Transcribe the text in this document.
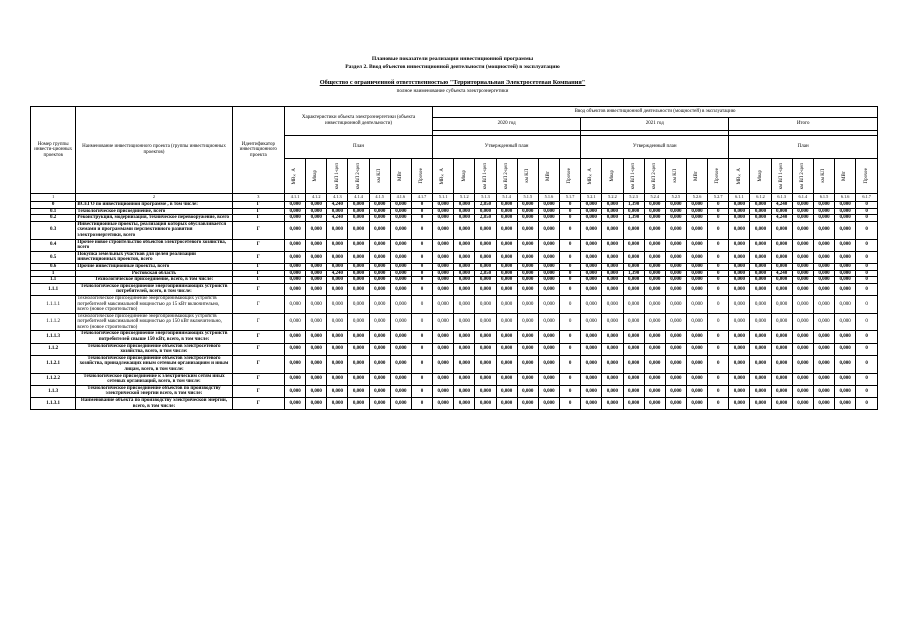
Плановые показатели реализации инвестиционной программы
Раздел 2. Ввод объектов инвестиционной деятельности (мощностей) в эксплуатацию
Общество с ограниченной ответственностью "Территориальная Электросетевая Компания"
полное наименование субъекта электроэнергетики
Номер группы инвести-ционных проектов	Наименование инвестиционного проекта (группы инвестиционных проектов)	Идентификатор инвестиционного проекта	Характеристики объекта электроэнергетики (объекта инвестиционной деятельности)							Ввод объектов инвестиционной деятельности (мощностей) в эксплуатацию																				
										2020 год							2021 год							Итого						

			План							Утвержденный план							Утвержденный план							План						

			МВ×А	Мвар	км ВЛ 1-цеп	км ВЛ 2-цеп	км КЛ	МВт	Прочее	МВ×А	Мвар	км ВЛ 1-цеп	км ВЛ 2-цеп	км КЛ	МВт	Прочее	МВ×А	Мвар	км ВЛ 1-цеп	км ВЛ 2-цеп	км КЛ	МВт	Прочее	МВ×А	Мвар	км ВЛ 1-цеп	км ВЛ 2-цеп	км КЛ	МВт	Прочее

1	2	3	4.1.1	4.1.2	4.1.3	4.1.4	4.1.5	4.1.6	4.1.7	5.1.1	5.1.2	5.1.3	5.1.4	5.1.5	5.1.6	5.1.7	5.2.1	5.2.2	5.2.3	5.2.4	5.2.5	5.2.6	5.2.7	6.1.1	6.1.2	6.1.3	6.1.4	6.1.5	6.1.6	6.1.7
0	ВСЕГО по инвестиционной программе , в том числе:	Г	0,000	0,000	4,240	0,000	0,000	0,000	0	0,000	0,000	2,850	0,000	0,000	0,000	0	0,000	0,000	1,390	0,000	0,000	0,000	0	0,000	0,000	4,240	0,000	0,000	0,000	0
0.1	Технологическое присоединение, всего	Г	0,000	0,000	0,000	0,000	0,000	0,000	0	0,000	0,000	0,000	0,000	0,000	0,000	0	0,000	0,000	0,000	0,000	0,000	0,000	0	0,000	0,000	0,000	0,000	0,000	0,000	0
0.2	Реконструкция, модернизация, техническое перевооружение, всего	Г	0,000	0,000	4,240	0,000	0,000	0,000	0	0,000	0,000	2,850	0,000	0,000	0,000	0	0,000	0,000	1,390	0,000	0,000	0,000	0	0,000	0,000	4,240	0,000	0,000	0,000	0
0.3	Инвестиционные проекты, реализация которых обуславливается схемами и программами перспективного развития электроэнергетики, всего	Г	0,000	0,000	0,000	0,000	0,000	0,000	0	0,000	0,000	0,000	0,000	0,000	0,000	0	0,000	0,000	0,000	0,000	0,000	0,000	0	0,000	0,000	0,000	0,000	0,000	0,000	0
0.4	Прочее новое строительство объектов электросетевого хозяйства, всего	Г	0,000	0,000	0,000	0,000	0,000	0,000	0	0,000	0,000	0,000	0,000	0,000	0,000	0	0,000	0,000	0,000	0,000	0,000	0,000	0	0,000	0,000	0,000	0,000	0,000	0,000	0
0.5	Покупка земельных участков для целей реализации инвестиционных проектов, всего	Г	0,000	0,000	0,000	0,000	0,000	0,000	0	0,000	0,000	0,000	0,000	0,000	0,000	0	0,000	0,000	0,000	0,000	0,000	0,000	0	0,000	0,000	0,000	0,000	0,000	0,000	0
0.6	Прочие инвестиционные проекты, всего	Г	0,000	0,000	0,000	0,000	0,000	0,000	0	0,000	0,000	0,000	0,000	0,000	0,000	0	0,000	0,000	0,000	0,000	0,000	0,000	0	0,000	0,000	0,000	0,000	0,000	0,000	0
1	Ростовская область	Г	0,000	0,000	4,240	0,000	0,000	0,000	0	0,000	0,000	2,850	0,000	0,000	0,000	0	0,000	0,000	1,390	0,000	0,000	0,000	0	0,000	0,000	4,240	0,000	0,000	0,000	0
1.1	Технологическое присоединение, всего, в том числе:	Г	0,000	0,000	0,000	0,000	0,000	0,000	0	0,000	0,000	0,000	0,000	0,000	0,000	0	0,000	0,000	0,000	0,000	0,000	0,000	0	0,000	0,000	0,000	0,000	0,000	0,000	0
1.1.1	Технологическое присоединение энергопринимающих устройств потребителей, всего, в том числе:	Г	0,000	0,000	0,000	0,000	0,000	0,000	0	0,000	0,000	0,000	0,000	0,000	0,000	0	0,000	0,000	0,000	0,000	0,000	0,000	0	0,000	0,000	0,000	0,000	0,000	0,000	0
1.1.1.1	Технологическое присоединение энергопринимающих устройств потребителей максимальной мощностью до 15 кВт включительно, всего (новое строительство)	Г	0,000	0,000	0,000	0,000	0,000	0,000	0	0,000	0,000	0,000	0,000	0,000	0,000	0	0,000	0,000	0,000	0,000	0,000	0,000	0	0,000	0,000	0,000	0,000	0,000	0,000	0
1.1.1.2	Технологическое присоединение энергопринимающих устройств потребителей максимальной мощностью до 150 кВт включительно, всего (новое строительство)	Г	0,000	0,000	0,000	0,000	0,000	0,000	0	0,000	0,000	0,000	0,000	0,000	0,000	0	0,000	0,000	0,000	0,000	0,000	0,000	0	0,000	0,000	0,000	0,000	0,000	0,000	0
1.1.1.3	Технологическое присоединение энергопринимающих устройств потребителей свыше 150 кВт, всего, в том числе:	Г	0,000	0,000	0,000	0,000	0,000	0,000	0	0,000	0,000	0,000	0,000	0,000	0,000	0	0,000	0,000	0,000	0,000	0,000	0,000	0	0,000	0,000	0,000	0,000	0,000	0,000	0
1.1.2	Технологическое присоединение объектов электросетевого хозяйства, всего, в том числе:	Г	0,000	0,000	0,000	0,000	0,000	0,000	0	0,000	0,000	0,000	0,000	0,000	0,000	0	0,000	0,000	0,000	0,000	0,000	0,000	0	0,000	0,000	0,000	0,000	0,000	0,000	0
1.1.2.1	Технологическое присоединение объектов электросетевого хозяйства, принадлежащих иным сетевым организациям и иным лицам, всего, в том числе:	Г	0,000	0,000	0,000	0,000	0,000	0,000	0	0,000	0,000	0,000	0,000	0,000	0,000	0	0,000	0,000	0,000	0,000	0,000	0,000	0	0,000	0,000	0,000	0,000	0,000	0,000	0
1.1.2.2	Технологическое присоединение к электрическим сетям иных сетевых организаций, всего, в том числе:	Г	0,000	0,000	0,000	0,000	0,000	0,000	0	0,000	0,000	0,000	0,000	0,000	0,000	0	0,000	0,000	0,000	0,000	0,000	0,000	0	0,000	0,000	0,000	0,000	0,000	0,000	0
1.1.3	Технологическое присоединение объектов по производству электрической энергии всего, в том числе:	Г	0,000	0,000	0,000	0,000	0,000	0,000	0	0,000	0,000	0,000	0,000	0,000	0,000	0	0,000	0,000	0,000	0,000	0,000	0,000	0	0,000	0,000	0,000	0,000	0,000	0,000	0
1.1.3.1	Наименование объекта по производству электрической энергии, всего, в том числе:	Г	0,000	0,000	0,000	0,000	0,000	0,000	0	0,000	0,000	0,000	0,000	0,000	0,000	0	0,000	0,000	0,000	0,000	0,000	0,000	0	0,000	0,000	0,000	0,000	0,000	0,000	0
